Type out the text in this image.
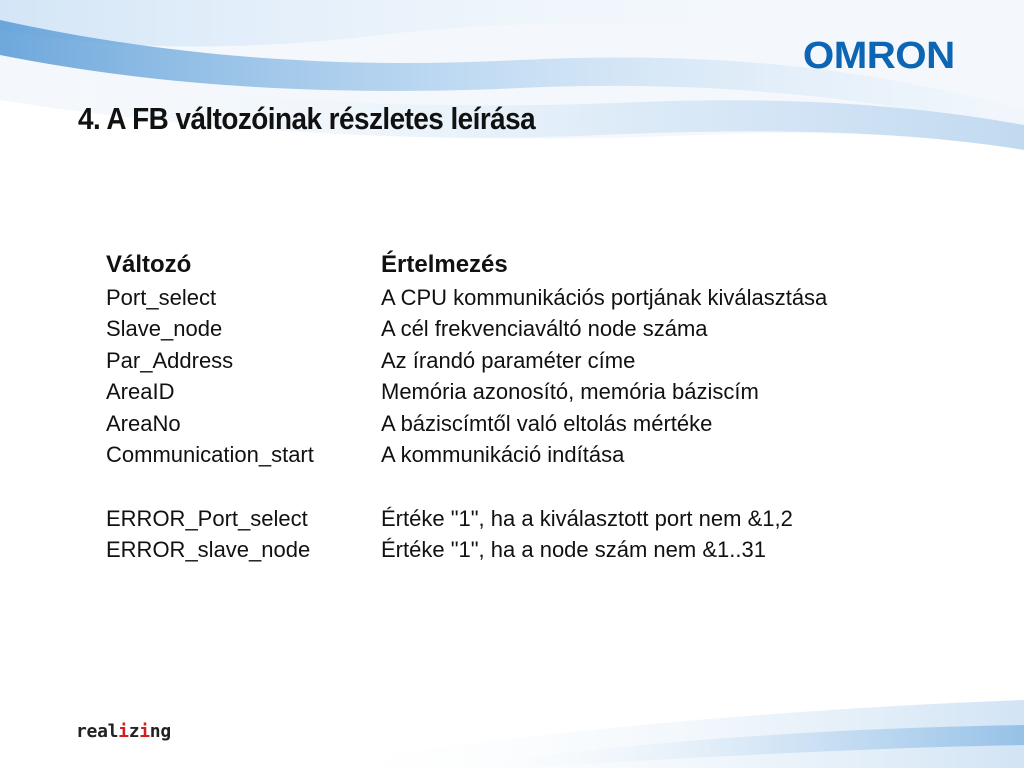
OMRON
4. A FB változóinak részletes leírása
Változó	Értelmezés
Port_select	A CPU kommunikációs portjának kiválasztása
Slave_node	A cél frekvenciaváltó node száma
Par_Address	Az írandó paraméter címe
AreaID	Memória azonosító, memória báziscím
AreaNo	A báziscímtől való eltolás mértéke
Communication_start	A kommunikáció indítása

ERROR_Port_select	Értéke "1", ha a kiválasztott port nem &1,2
ERROR_slave_node	Értéke "1", ha a node szám nem &1..31
realizing
